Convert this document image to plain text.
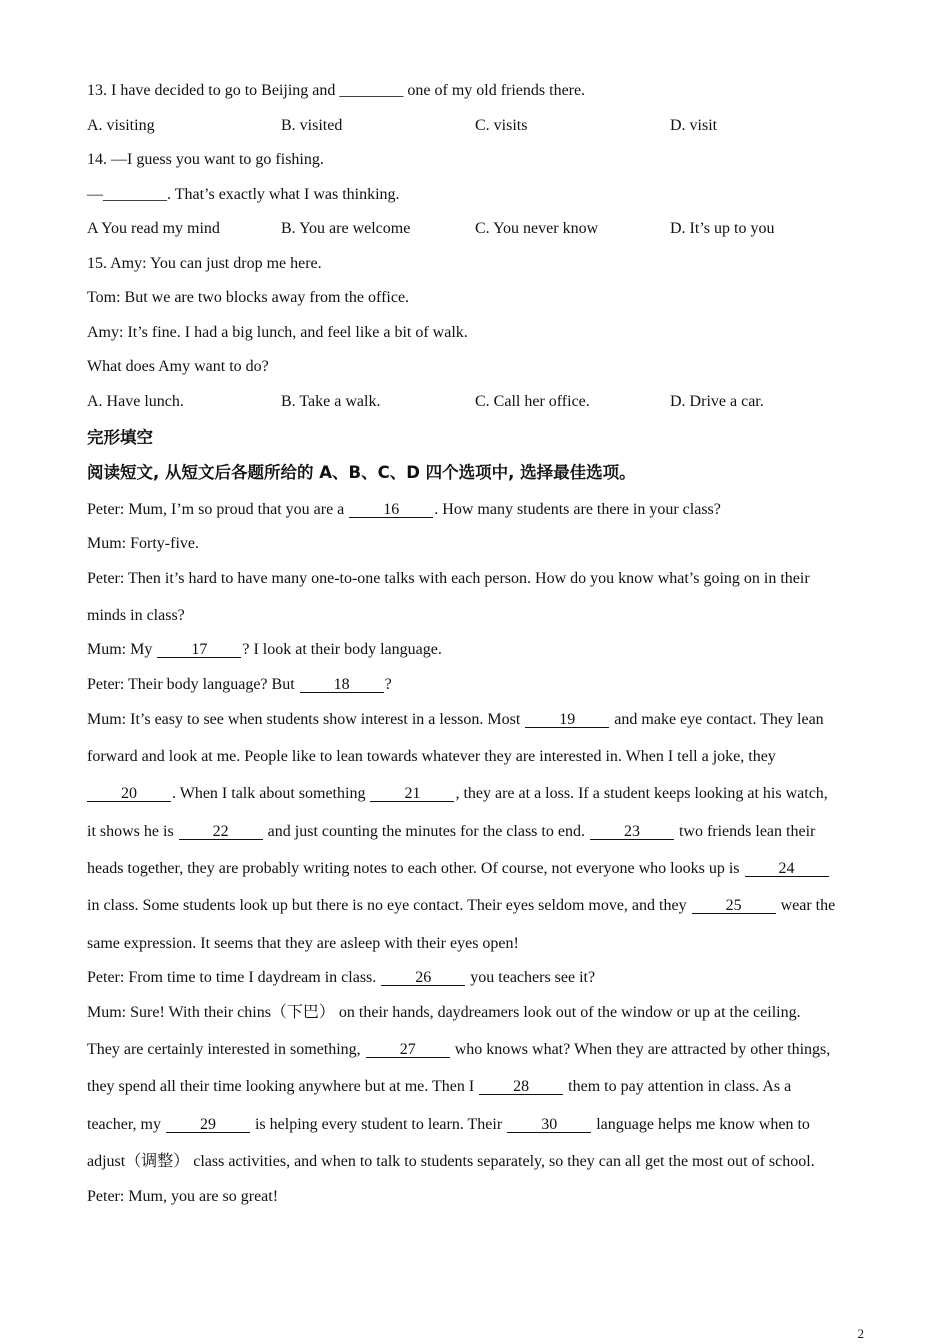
13. I have decided to go to Beijing and ________ one of my old friends there.
A. visiting	B. visited	C. visits	D. visit
14. —I guess you want to go fishing.
—________. That’s exactly what I was thinking.
A You read my mind	B. You are welcome	C. You never know	D. It’s up to you
15. Amy: You can just drop me here.
Tom: But we are two blocks away from the office.
Amy: It’s fine. I had a big lunch, and feel like a bit of walk.
What does Amy want to do?
A. Have lunch.	B. Take a walk.	C. Call her office.	D. Drive a car.
完形填空
阅读短文, 从短文后各题所给的 A、B、C、D 四个选项中, 选择最佳选项。
Peter: Mum, I’m so proud that you are a 16 . How many students are there in your class?
Mum: Forty-five.
Peter: Then it’s hard to have many one-to-one talks with each person. How do you know what’s going on in their
minds in class?
Mum: My 17 ? I look at their body language.
Peter: Their body language? But 18 ?
Mum: It’s easy to see when students show interest in a lesson. Most 19 and make eye contact. They lean
forward and look at me. People like to lean towards whatever they are interested in. When I tell a joke, they
20 . When I talk about something 21 , they are at a loss. If a student keeps looking at his watch,
it shows he is 22 and just counting the minutes for the class to end. 23 two friends lean their
heads together, they are probably writing notes to each other. Of course, not everyone who looks up is 24
in class. Some students look up but there is no eye contact. Their eyes seldom move, and they 25 wear the
same expression. It seems that they are asleep with their eyes open!
Peter: From time to time I daydream in class. 26 you teachers see it?
Mum: Sure! With their chins（下巴） on their hands, daydreamers look out of the window or up at the ceiling.
They are certainly interested in something, 27 who knows what? When they are attracted by other things,
they spend all their time looking anywhere but at me. Then I 28 them to pay attention in class. As a
teacher, my 29 is helping every student to learn. Their 30 language helps me know when to
adjust（调整） class activities, and when to talk to students separately, so they can all get the most out of school.
Peter: Mum, you are so great!
2
